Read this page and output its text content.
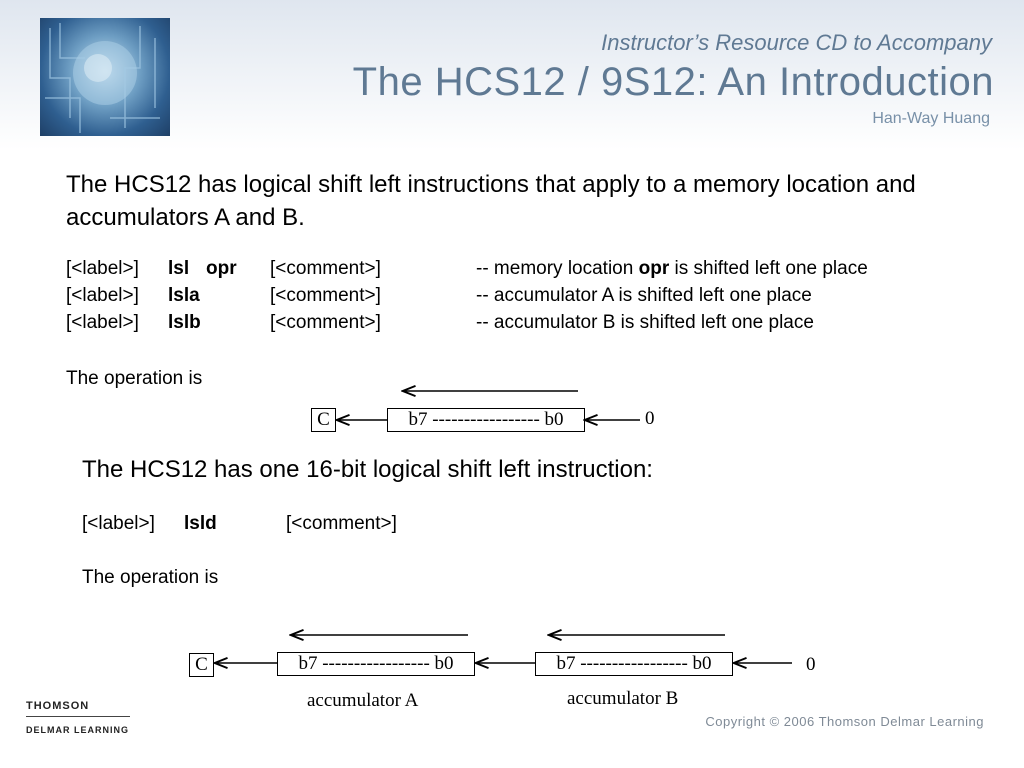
Instructor’s Resource CD to Accompany
The HCS12 / 9S12: An Introduction
Han-Way Huang
The HCS12 has logical shift left instructions that apply to a memory location and accumulators A and B.
[<label>] lsl opr [<comment>]	-- memory location opr is shifted left one place
[<label>] lsla	[<comment>]	-- accumulator A is shifted left one place
[<label>] lslb	[<comment>]	-- accumulator B is shifted left one place
The operation is
C	b7 ----------------- b0	0
The HCS12 has one 16-bit logical shift left instruction:
[<label>] lsld	[<comment>]
The operation is
C	b7 ----------------- b0	b7 ----------------- b0	0
accumulator A	accumulator B
THOMSON
DELMAR LEARNING
Copyright © 2006 Thomson Delmar Learning
